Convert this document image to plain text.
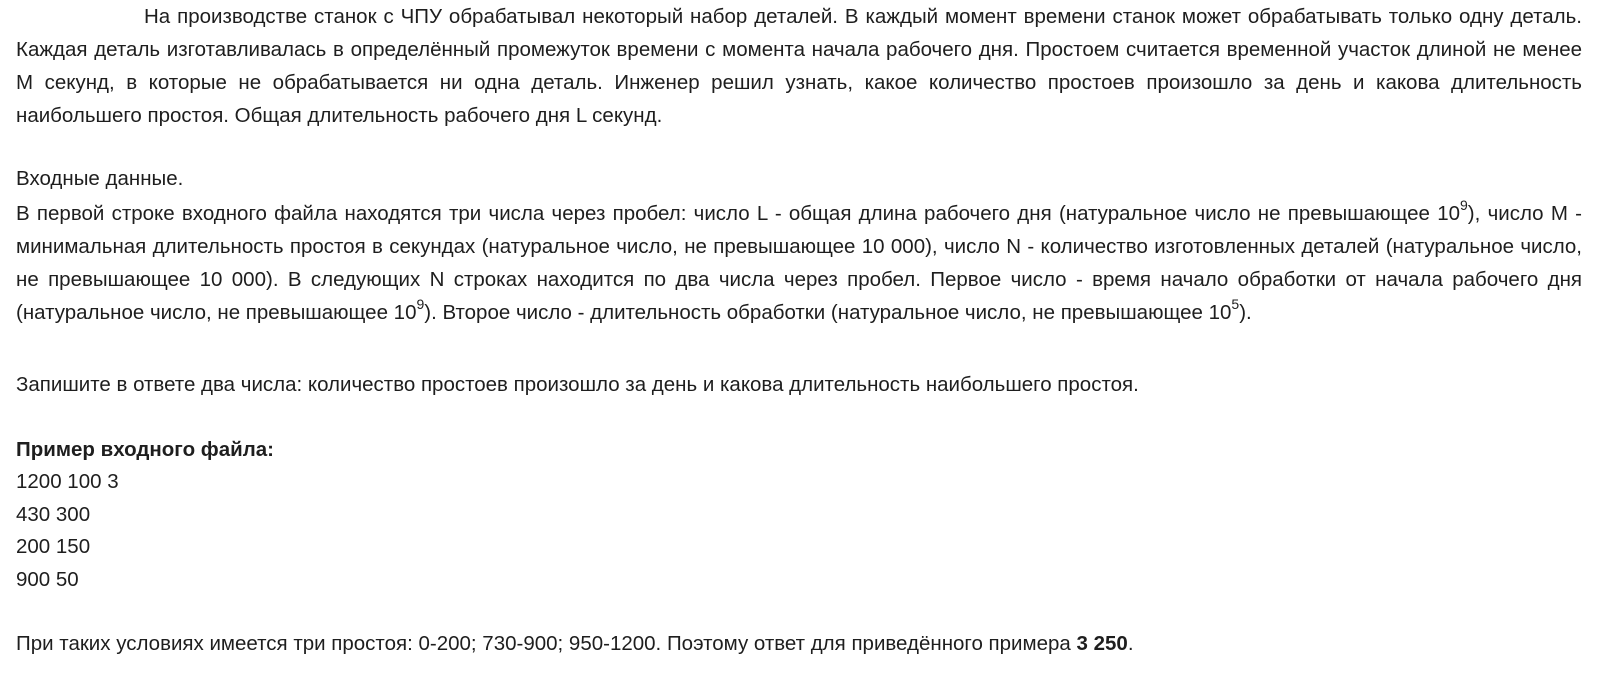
На производстве станок с ЧПУ обрабатывал некоторый набор деталей. В каждый момент времени станок может обрабатывать только одну деталь. Каждая деталь изготавливалась в определённый промежуток времени с момента начала рабочего дня. Простоем считается временной участок длиной не менее M секунд, в которые не обрабатывается ни одна деталь. Инженер решил узнать, какое количество простоев произошло за день и какова длительность наибольшего простоя. Общая длительность рабочего дня L секунд.

Входные данные.

В первой строке входного файла находятся три числа через пробел: число L - общая длина рабочего дня (натуральное число не превышающее $10^9$), число M - минимальная длительность простоя в секундах (натуральное число, не превышающее 10 000), число N - количество изготовленных деталей (натуральное число, не превышающее 10 000). В следующих N строках находится по два числа через пробел. Первое число - время начало обработки от начала рабочего дня (натуральное число, не превышающее $10^9$). Второе число - длительность обработки (натуральное число, не превышающее $10^5$).

Запишите в ответе два числа: количество простоев произошло за день и какова длительность наибольшего простоя.

Пример входного файла:

1200 100 3

430 300

200 150

900 50

При таких условиях имеется три простоя: 0-200; 730-900; 950-1200. Поэтому ответ для приведённого примера 3 250.
